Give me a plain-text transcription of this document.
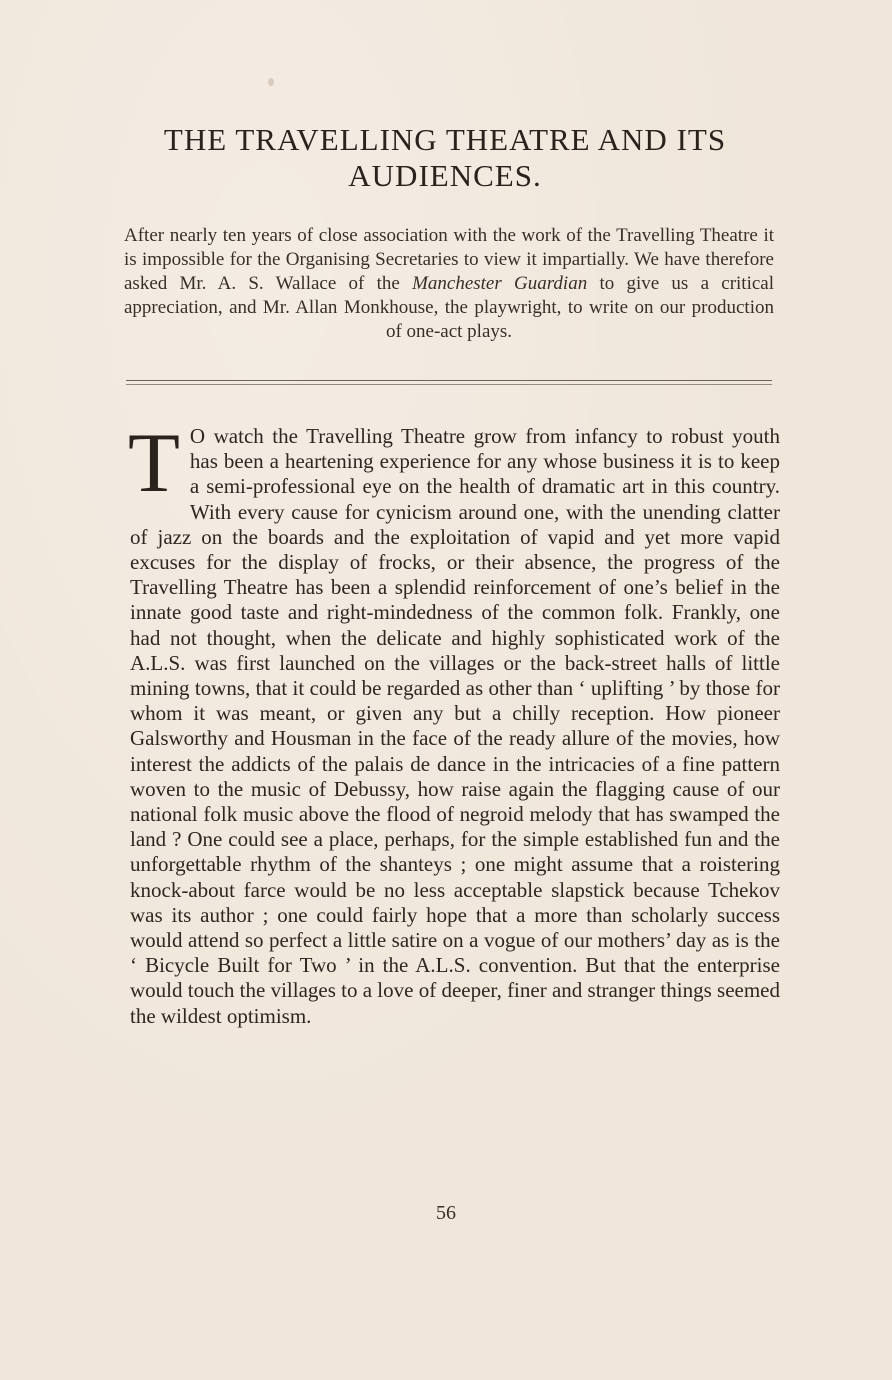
THE TRAVELLING THEATRE AND ITS AUDIENCES.

After nearly ten years of close association with the work of the Travelling Theatre it is impossible for the Organising Secretaries to view it impartially. We have therefore asked Mr. A. S. Wallace of the Manchester Guardian to give us a critical appreciation, and Mr. Allan Monkhouse, the playwright, to write on our production of one-act plays.

T O watch the Travelling Theatre grow from infancy to robust youth has been a heartening experience for any whose business it is to keep a semi-professional eye on the health of dramatic art in this country. With every cause for cynicism around one, with the unending clatter of jazz on the boards and the exploitation of vapid and yet more vapid excuses for the display of frocks, or their absence, the progress of the Travelling Theatre has been a splendid reinforcement of one’s belief in the innate good taste and right-mindedness of the common folk. Frankly, one had not thought, when the delicate and highly sophisticated work of the A.L.S. was first launched on the villages or the back-street halls of little mining towns, that it could be regarded as other than ‘ uplifting ’ by those for whom it was meant, or given any but a chilly reception. How pioneer Galsworthy and Housman in the face of the ready allure of the movies, how interest the addicts of the palais de dance in the intricacies of a fine pattern woven to the music of Debussy, how raise again the flagging cause of our national folk music above the flood of negroid melody that has swamped the land ? One could see a place, perhaps, for the simple established fun and the unforgettable rhythm of the shanteys ; one might assume that a roistering knock-about farce would be no less acceptable slapstick because Tchekov was its author ; one could fairly hope that a more than scholarly success would attend so perfect a little satire on a vogue of our mothers’ day as is the ‘ Bicycle Built for Two ’ in the A.L.S. convention. But that the enterprise would touch the villages to a love of deeper, finer and stranger things seemed the wildest optimism.

56
